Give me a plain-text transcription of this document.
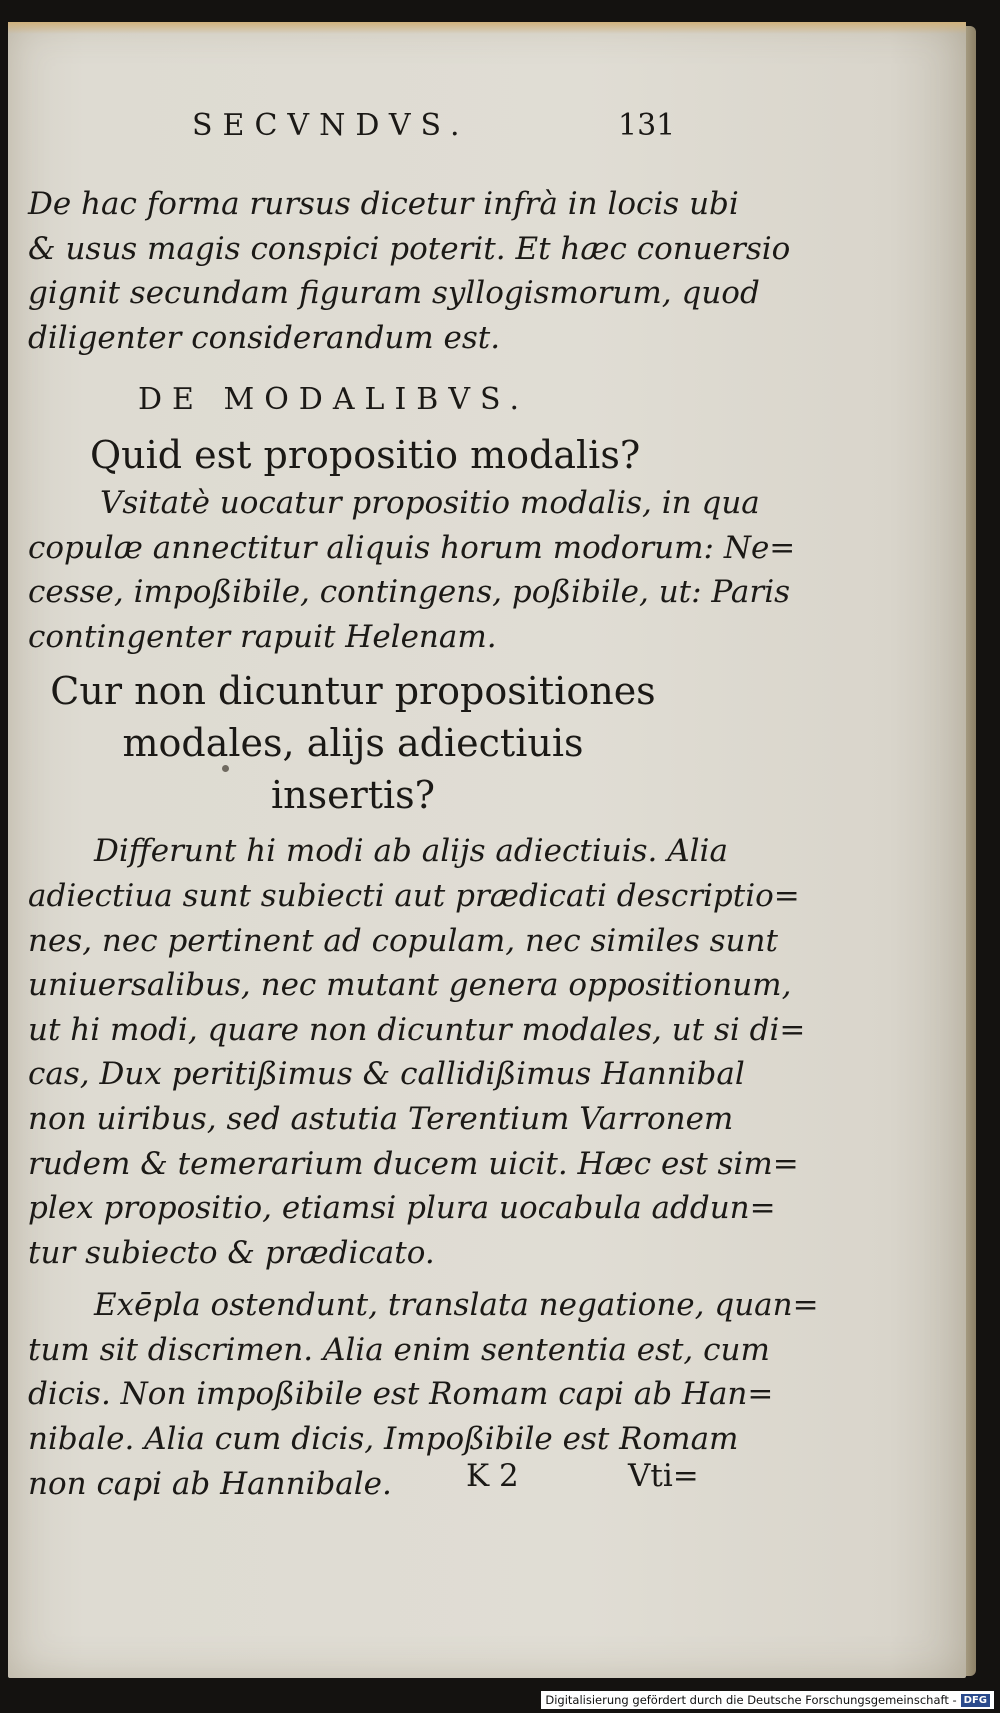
SECVNDVS.	131
De hac forma rursus dicetur infrà in locis ubi
& usus magis conspici poterit. Et hæc conuersio
gignit secundam figuram syllogismorum, quod
diligenter considerandum est.
DE MODALIBVS.
Quid est propositio modalis?
Vsitatè uocatur propositio modalis, in qua
copulæ annectitur aliquis horum modorum: Ne=
cesse, impoßibile, contingens, poßibile, ut: Paris
contingenter rapuit Helenam.
Cur non dicuntur propositiones
modales, alijs adiectiuis
insertis?
Differunt hi modi ab alijs adiectiuis. Alia
adiectiua sunt subiecti aut prædicati descriptio=
nes, nec pertinent ad copulam, nec similes sunt
uniuersalibus, nec mutant genera oppositionum,
ut hi modi, quare non dicuntur modales, ut si di=
cas, Dux peritißimus & callidißimus Hannibal
non uiribus, sed astutia Terentium Varronem
rudem & temerarium ducem uicit. Hæc est sim=
plex propositio, etiamsi plura uocabula addun=
tur subiecto & prædicato.
Exēpla ostendunt, translata negatione, quan=
tum sit discrimen. Alia enim sententia est, cum
dicis. Non impoßibile est Romam capi ab Han=
nibale. Alia cum dicis, Impoßibile est Romam
non capi ab Hannibale.	K 2	Vti=
Digitalisierung gefördert durch die Deutsche Forschungsgemeinschaft - DFG
